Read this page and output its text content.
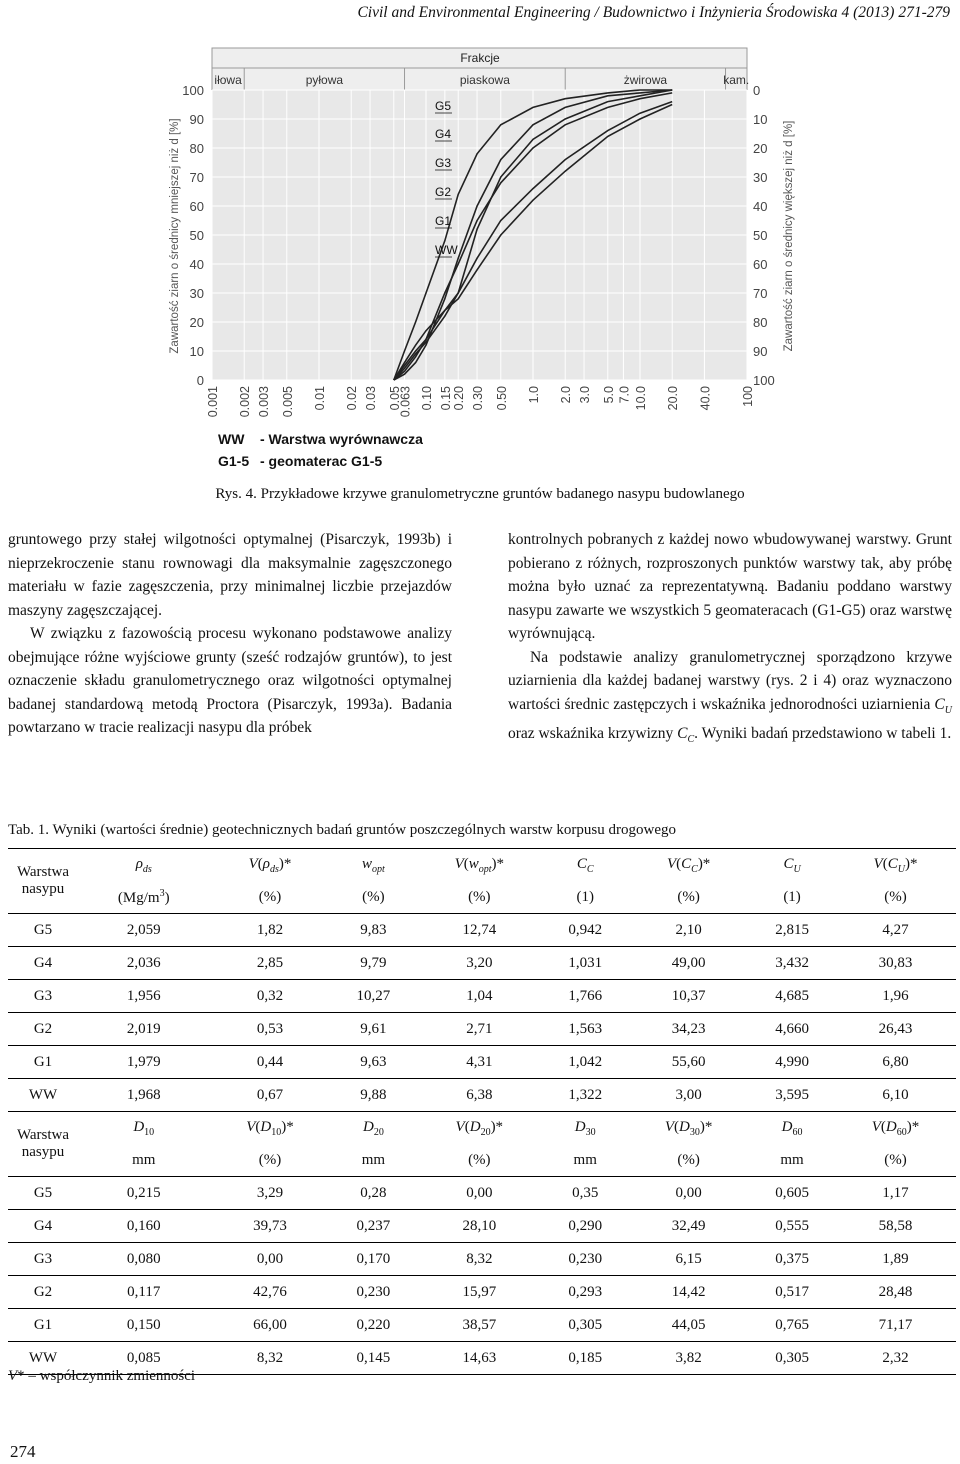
Civil and Environmental Engineering / Budownictwo i Inżynieria Środowiska 4 (2013) 271-279
Frakcje
iłowa	pyłowa	piaskowa	żwirowa	kam.
0
10
20
30
40
50
60
70
80
90
100
100
90
80
70
60
50
40
30
20
10
0
0.001 0.002 0.003 0.005 0.01 0.02 0.03 0.05
0.063 0.10 0.15 0.20 0.30 0.50 1.0 2.0 3.0 5.0 7.0 10.0 20.0 40.0 100
G5
G4
G3
G2
G1
WW
Zawartość ziarn o średnicy mniejszej niż d [%]	Zawartość ziarn o średnicy większej niż d [%]
WW - Warstwa wyrównawcza
G1-5 - geomaterac G1-5
Rys. 4. Przykładowe krzywe granulometryczne gruntów badanego nasypu budowlanego

gruntowego przy stałej wilgotności optymalnej (Pisarczyk, 1993b) i nieprzekroczenie stanu rownowagi dla maksymalnie zagęszczonego materiału w fazie zagęszczenia, przy minimalnej liczbie przejazdów maszyny zagęszczającej.

W związku z fazowością procesu wykonano podstawowe analizy obejmujące różne wyjściowe grunty (sześć rodzajów gruntów), to jest oznaczenie składu granulometrycznego oraz wilgotności optymalnej badanej standardową metodą Proctora (Pisarczyk, 1993a). Badania powtarzano w tracie realizacji nasypu dla próbek

kontrolnych pobranych z każdej nowo wbudowywanej warstwy. Grunt pobierano z różnych, rozproszonych punktów warstwy tak, aby próbę można było uznać za reprezentatywną. Badaniu poddano warstwy nasypu zawarte we wszystkich 5 geomateracach (G1-G5) oraz warstwę wyrównującą.

Na podstawie analizy granulometrycznej sporządzono krzywe uziarnienia dla każdej badanej warstwy (rys. 2 i 4) oraz wyznaczono wartości średnic zastępczych i wskaźnika jednorodności uziarnienia $C_U$ oraz wskaźnika krzywizny $C_C$. Wyniki badań przedstawiono w tabeli 1.

Tab. 1. Wyniki (wartości średnie) geotechnicznych badań gruntów poszczególnych warstw korpusu drogowego
Warstwa
nasypu	$\rho_{ds}$	$V(\rho_{ds})*$	$w_{opt}$	$V(w_{opt})*$	$C_C$	$V(C_C)*$	$C_U$	$V(C_U)*$
	$(Mg/m^3)$	(%)	(%)	(%)	(1)	(%)	(1)	(%)
G5	2,059	1,82	9,83	12,74	0,942	2,10	2,815	4,27
G4	2,036	2,85	9,79	3,20	1,031	49,00	3,432	30,83
G3	1,956	0,32	10,27	1,04	1,766	10,37	4,685	1,96
G2	2,019	0,53	9,61	2,71	1,563	34,23	4,660	26,43
G1	1,979	0,44	9,63	4,31	1,042	55,60	4,990	6,80
WW	1,968	0,67	9,88	6,38	1,322	3,00	3,595	6,10
Warstwa
nasypu	$D_{10}$	$V(D_{10})*$	$D_{20}$	$V(D_{20})*$	$D_{30}$	$V(D_{30})*$	$D_{60}$	$V(D_{60})*$
	mm	(%)	mm	(%)	mm	(%)	mm	(%)
G5	0,215	3,29	0,28	0,00	0,35	0,00	0,605	1,17
G4	0,160	39,73	0,237	28,10	0,290	32,49	0,555	58,58
G3	0,080	0,00	0,170	8,32	0,230	6,15	0,375	1,89
G2	0,117	42,76	0,230	15,97	0,293	14,42	0,517	28,48
G1	0,150	66,00	0,220	38,57	0,305	44,05	0,765	71,17
WW	0,085	8,32	0,145	14,63	0,185	3,82	0,305	2,32
V* – współczynnik zmienności
274
